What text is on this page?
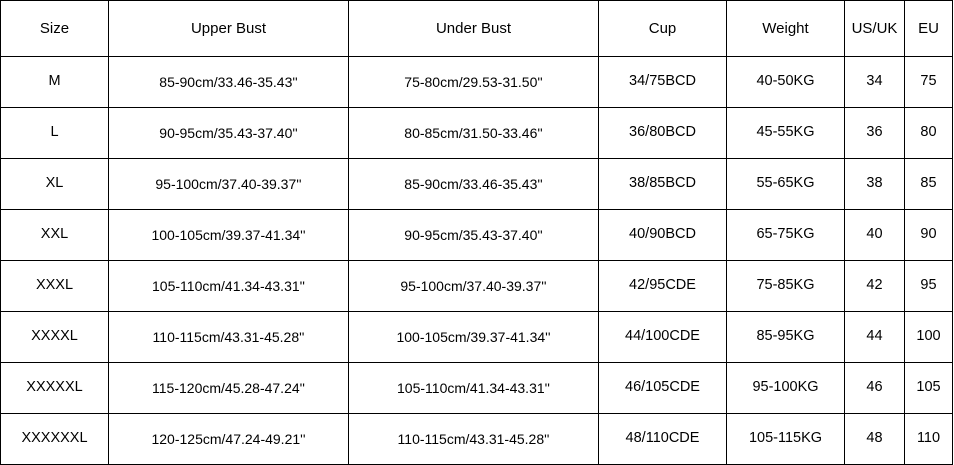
Size	Upper Bust	Under Bust	Cup	Weight	US/UK	EU
M	85-90cm/33.46-35.43''	75-80cm/29.53-31.50''	34/75BCD	40-50KG	34	75
L	90-95cm/35.43-37.40''	80-85cm/31.50-33.46''	36/80BCD	45-55KG	36	80
XL	95-100cm/37.40-39.37''	85-90cm/33.46-35.43''	38/85BCD	55-65KG	38	85
XXL	100-105cm/39.37-41.34''	90-95cm/35.43-37.40''	40/90BCD	65-75KG	40	90
XXXL	105-110cm/41.34-43.31''	95-100cm/37.40-39.37''	42/95CDE	75-85KG	42	95
XXXXL	110-115cm/43.31-45.28''	100-105cm/39.37-41.34''	44/100CDE	85-95KG	44	100
XXXXXL	115-120cm/45.28-47.24''	105-110cm/41.34-43.31''	46/105CDE	95-100KG	46	105
XXXXXXL	120-125cm/47.24-49.21''	110-115cm/43.31-45.28''	48/110CDE	105-115KG	48	110
